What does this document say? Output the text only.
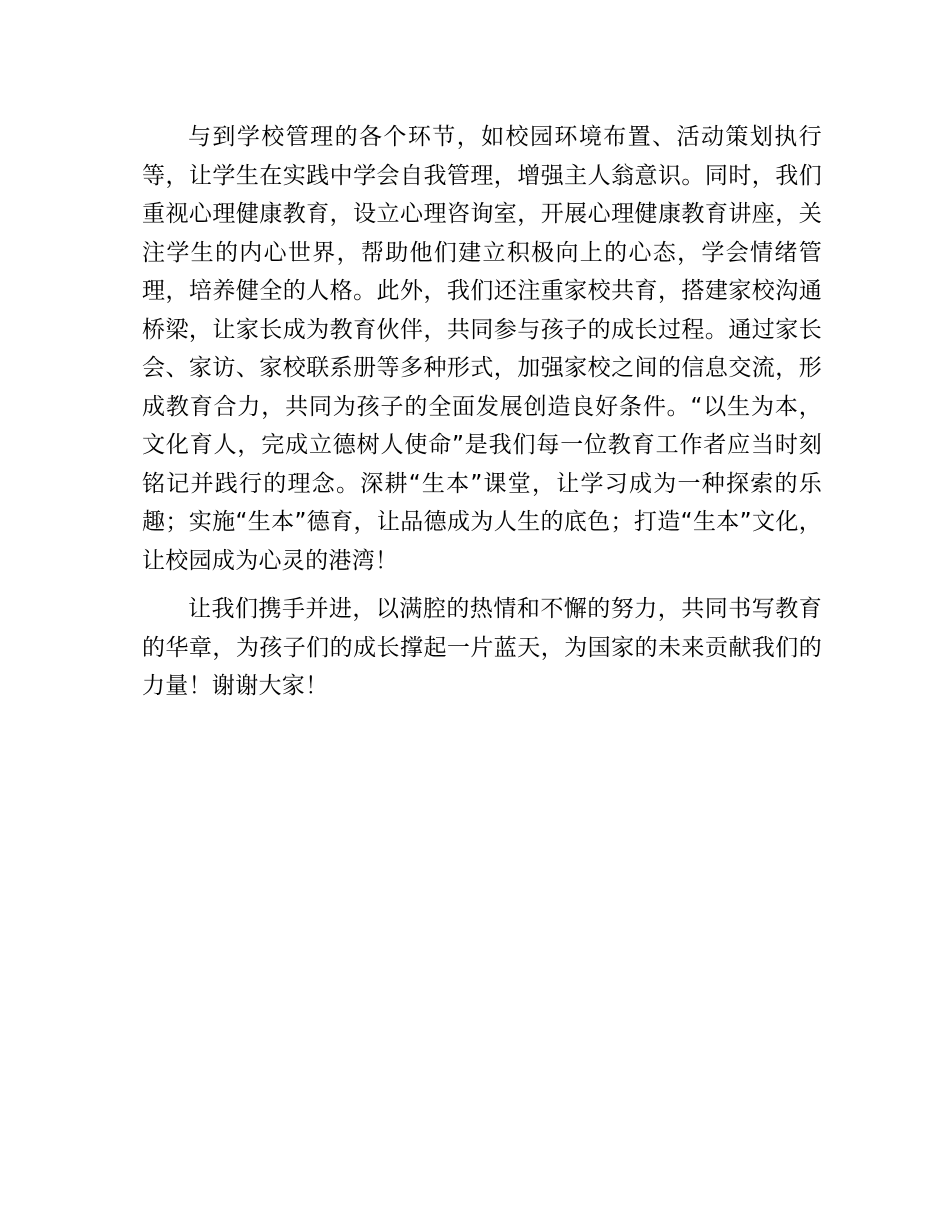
与到学校管理的各个环节，如校园环境布置、活动策划执行等，让学生在实践中学会自我管理，增强主人翁意识。同时，我们重视心理健康教育，设立心理咨询室，开展心理健康教育讲座，关注学生的内心世界，帮助他们建立积极向上的心态，学会情绪管理，培养健全的人格。此外，我们还注重家校共育，搭建家校沟通桥梁，让家长成为教育伙伴，共同参与孩子的成长过程。通过家长会、家访、家校联系册等多种形式，加强家校之间的信息交流，形成教育合力，共同为孩子的全面发展创造良好条件。“以生为本，文化育人，完成立德树人使命”是我们每一位教育工作者应当时刻铭记并践行的理念。深耕“生本”课堂，让学习成为一种探索的乐趣；实施“生本”德育，让品德成为人生的底色；打造“生本”文化，让校园成为心灵的港湾！

让我们携手并进，以满腔的热情和不懈的努力，共同书写教育的华章，为孩子们的成长撑起一片蓝天，为国家的未来贡献我们的力量！谢谢大家！
